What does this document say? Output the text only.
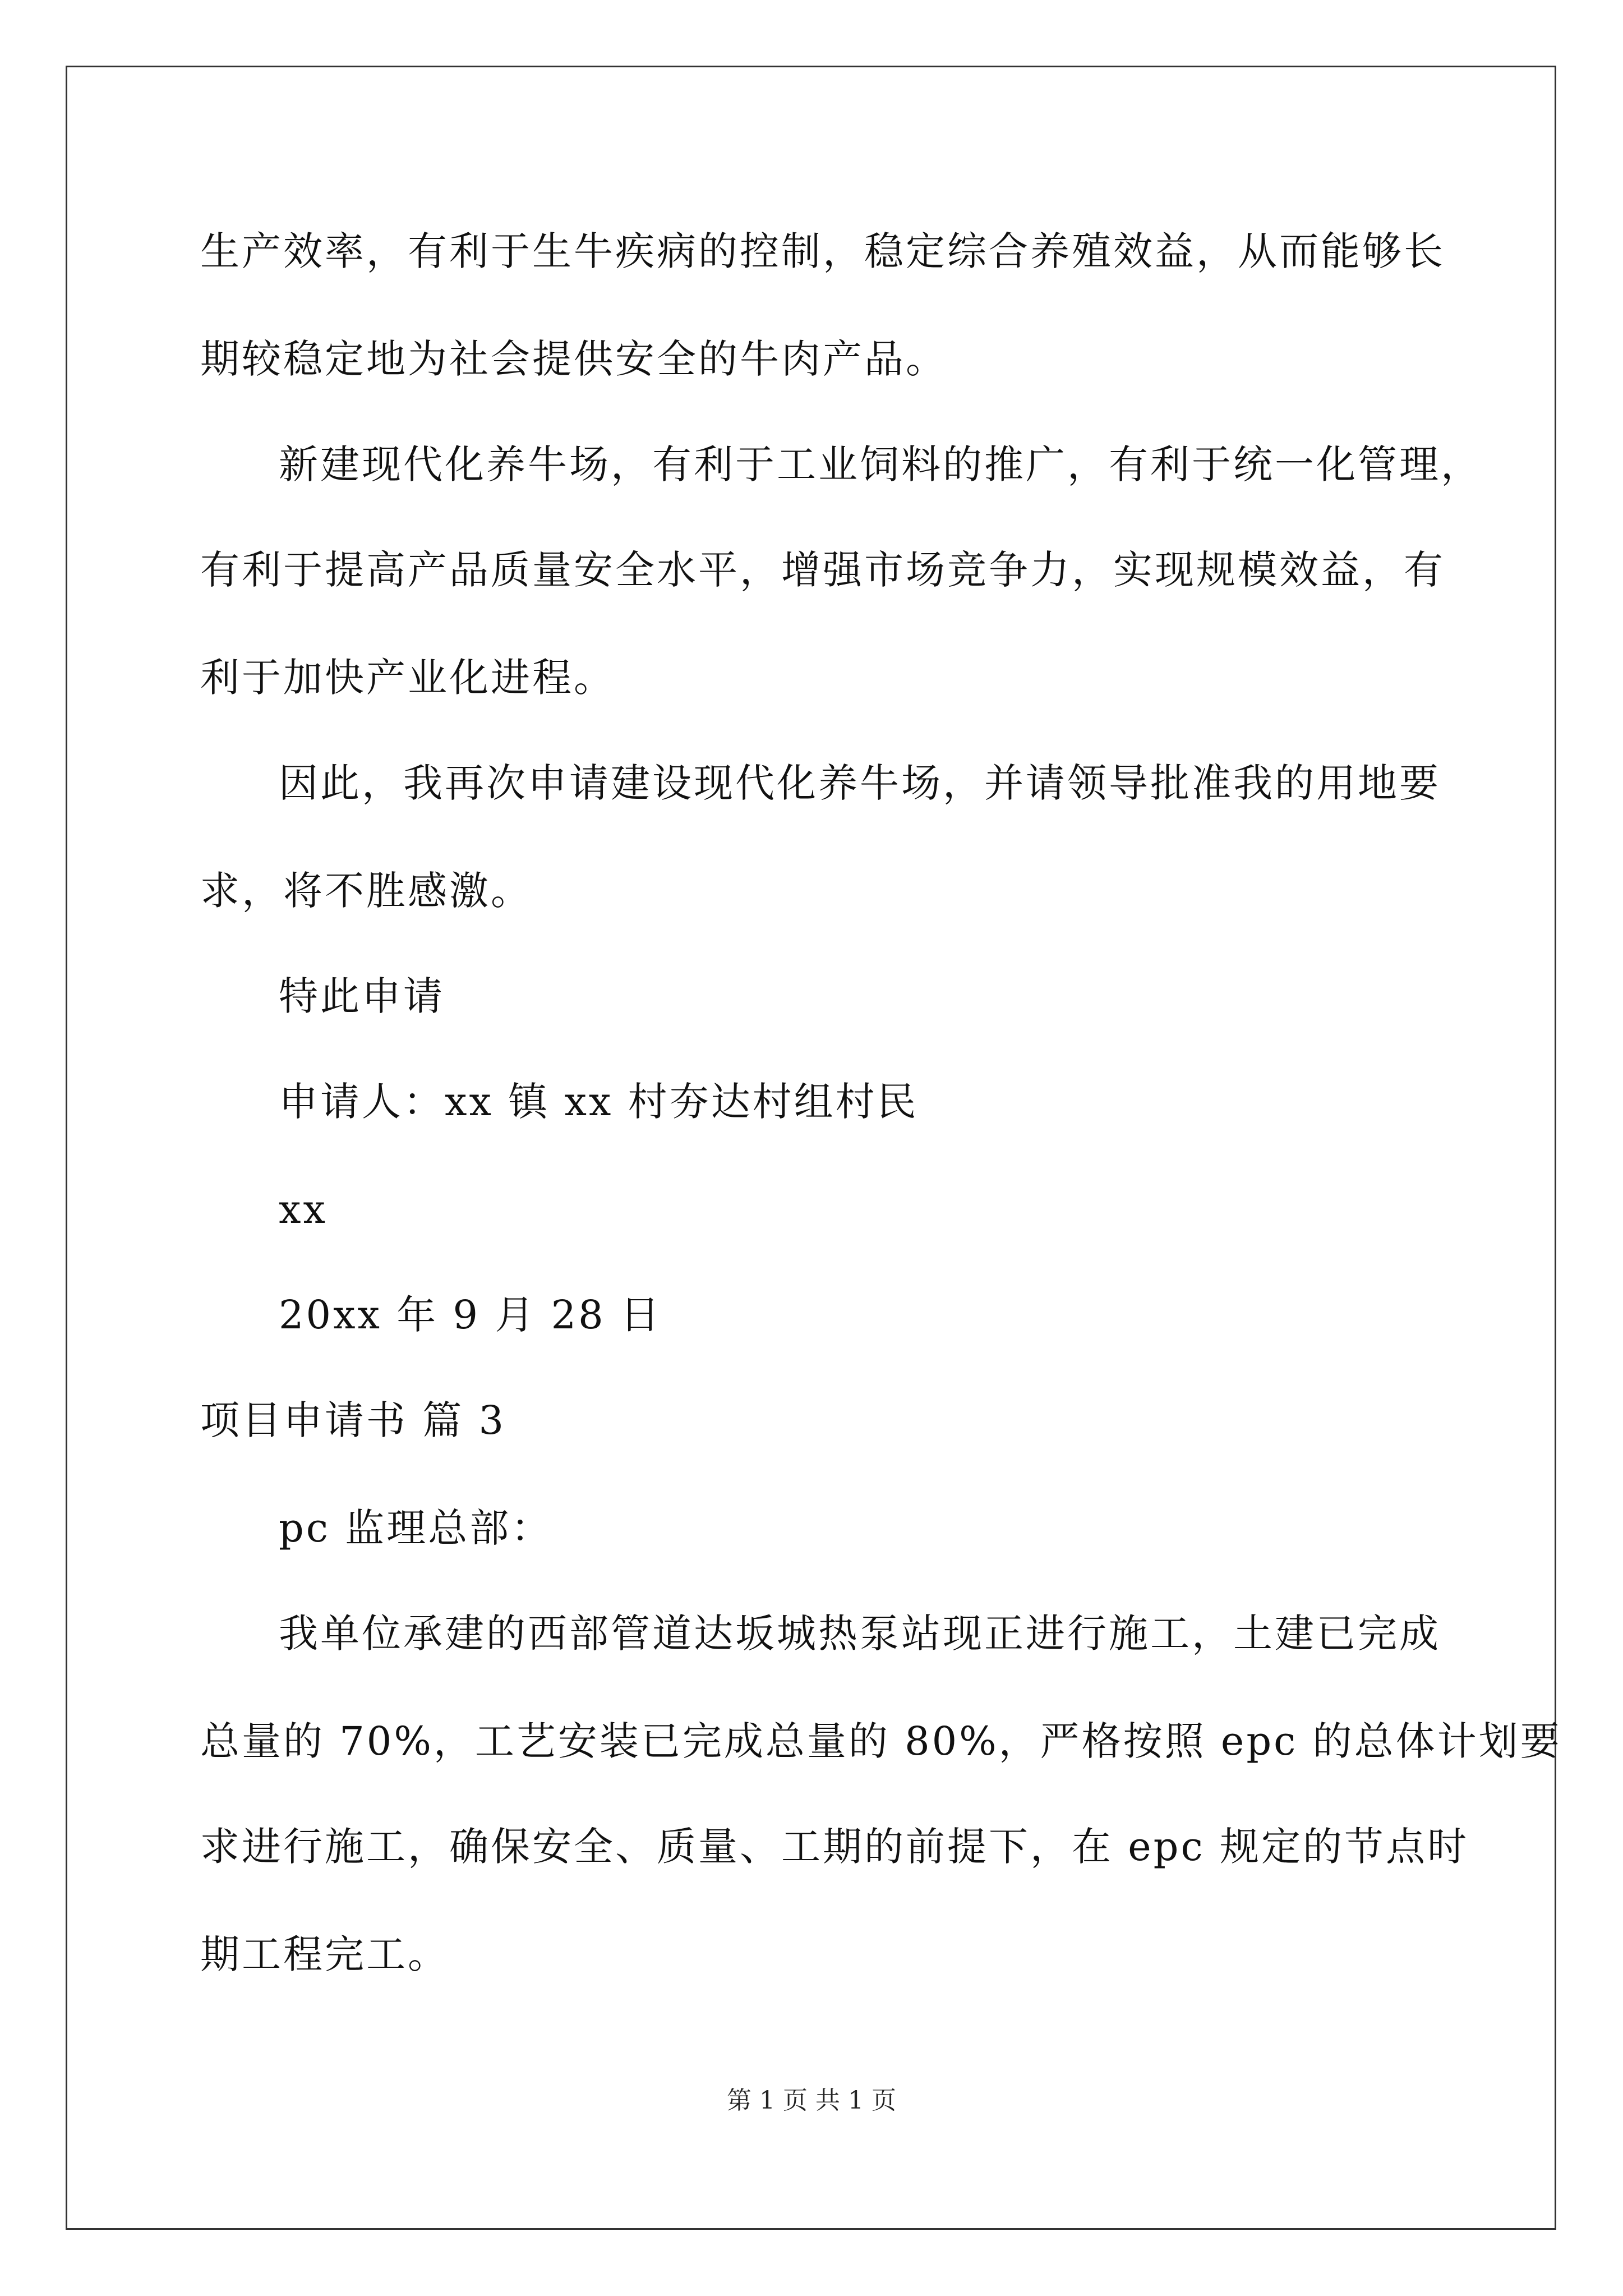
生产效率，有利于生牛疾病的控制，稳定综合养殖效益，从而能够长
期较稳定地为社会提供安全的牛肉产品。
新建现代化养牛场，有利于工业饲料的推广，有利于统一化管理，
有利于提高产品质量安全水平，增强市场竞争力，实现规模效益，有
利于加快产业化进程。
因此，我再次申请建设现代化养牛场，并请领导批准我的用地要
求，将不胜感激。
特此申请
申请人：xx 镇 xx 村夯达村组村民
xx
20xx 年 9 月 28 日
项目申请书 篇 3
pc 监理总部：
我单位承建的西部管道达坂城热泵站现正进行施工，土建已完成
总量的 70%，工艺安装已完成总量的 80%，严格按照 epc 的总体计划要
求进行施工，确保安全、质量、工期的前提下，在 epc 规定的节点时
期工程完工。
第 1 页 共 1 页
